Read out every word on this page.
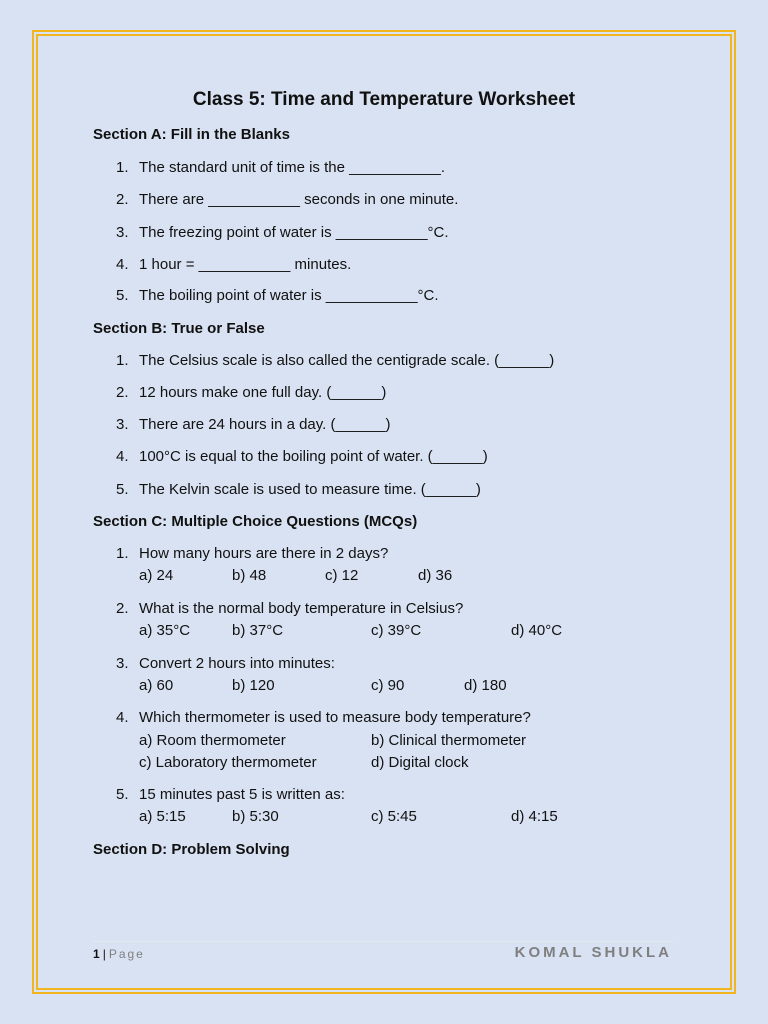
Class 5: Time and Temperature Worksheet
Section A: Fill in the Blanks
1. The standard unit of time is the ___________.
2. There are ___________ seconds in one minute.
3. The freezing point of water is ___________°C.
4. 1 hour = ___________ minutes.
5. The boiling point of water is ___________°C.
Section B: True or False
1. The Celsius scale is also called the centigrade scale. (______)
2. 12 hours make one full day. (______)
3. There are 24 hours in a day. (______)
4. 100°C is equal to the boiling point of water. (______)
5. The Kelvin scale is used to measure time. (______)
Section C: Multiple Choice Questions (MCQs)
1. How many hours are there in 2 days?
a) 24	b) 48	c) 12	d) 36
2. What is the normal body temperature in Celsius?
a) 35°C	b) 37°C	c) 39°C	d) 40°C
3. Convert 2 hours into minutes:
a) 60	b) 120	c) 90	d) 180
4. Which thermometer is used to measure body temperature?
a) Room thermometer	b) Clinical thermometer
c) Laboratory thermometer	d) Digital clock
5. 15 minutes past 5 is written as:
a) 5:15	b) 5:30	c) 5:45	d) 4:15
Section D: Problem Solving
1 | Page	KOMAL SHUKLA
